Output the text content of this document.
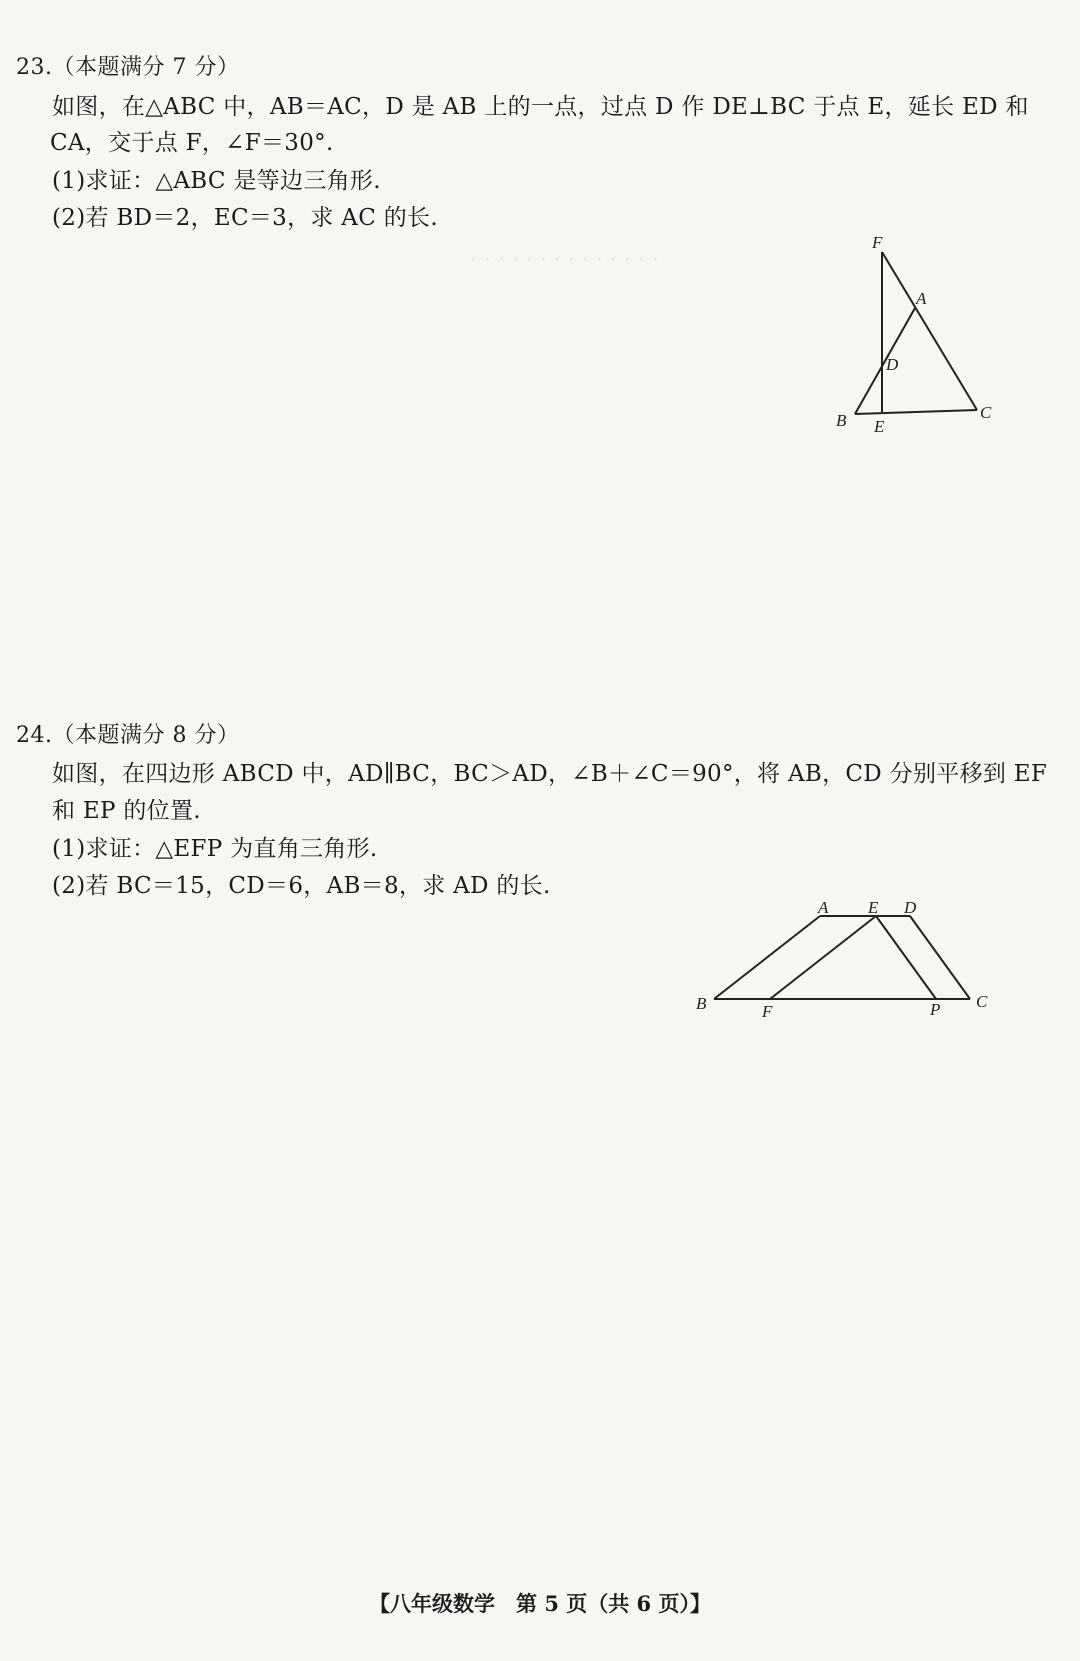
· · · · · · · · · · · · · ·
23.（本题满分 7 分）
如图，在△ABC 中，AB＝AC，D 是 AB 上的一点，过点 D 作 DE⊥BC 于点 E，延长 ED 和
CA，交于点 F，∠F＝30°.
(1)求证：△ABC 是等边三角形.
(2)若 BD＝2，EC＝3，求 AC 的长.
F
A
D
B E
C
24.（本题满分 8 分）
如图，在四边形 ABCD 中，AD∥BC，BC＞AD，∠B＋∠C＝90°，将 AB，CD 分别平移到 EF
和 EP 的位置.
(1)求证：△EFP 为直角三角形.
(2)若 BC＝15，CD＝6，AB＝8，求 AD 的长.
A E D
B	F	P C
【八年级数学　第 5 页（共 6 页）】
